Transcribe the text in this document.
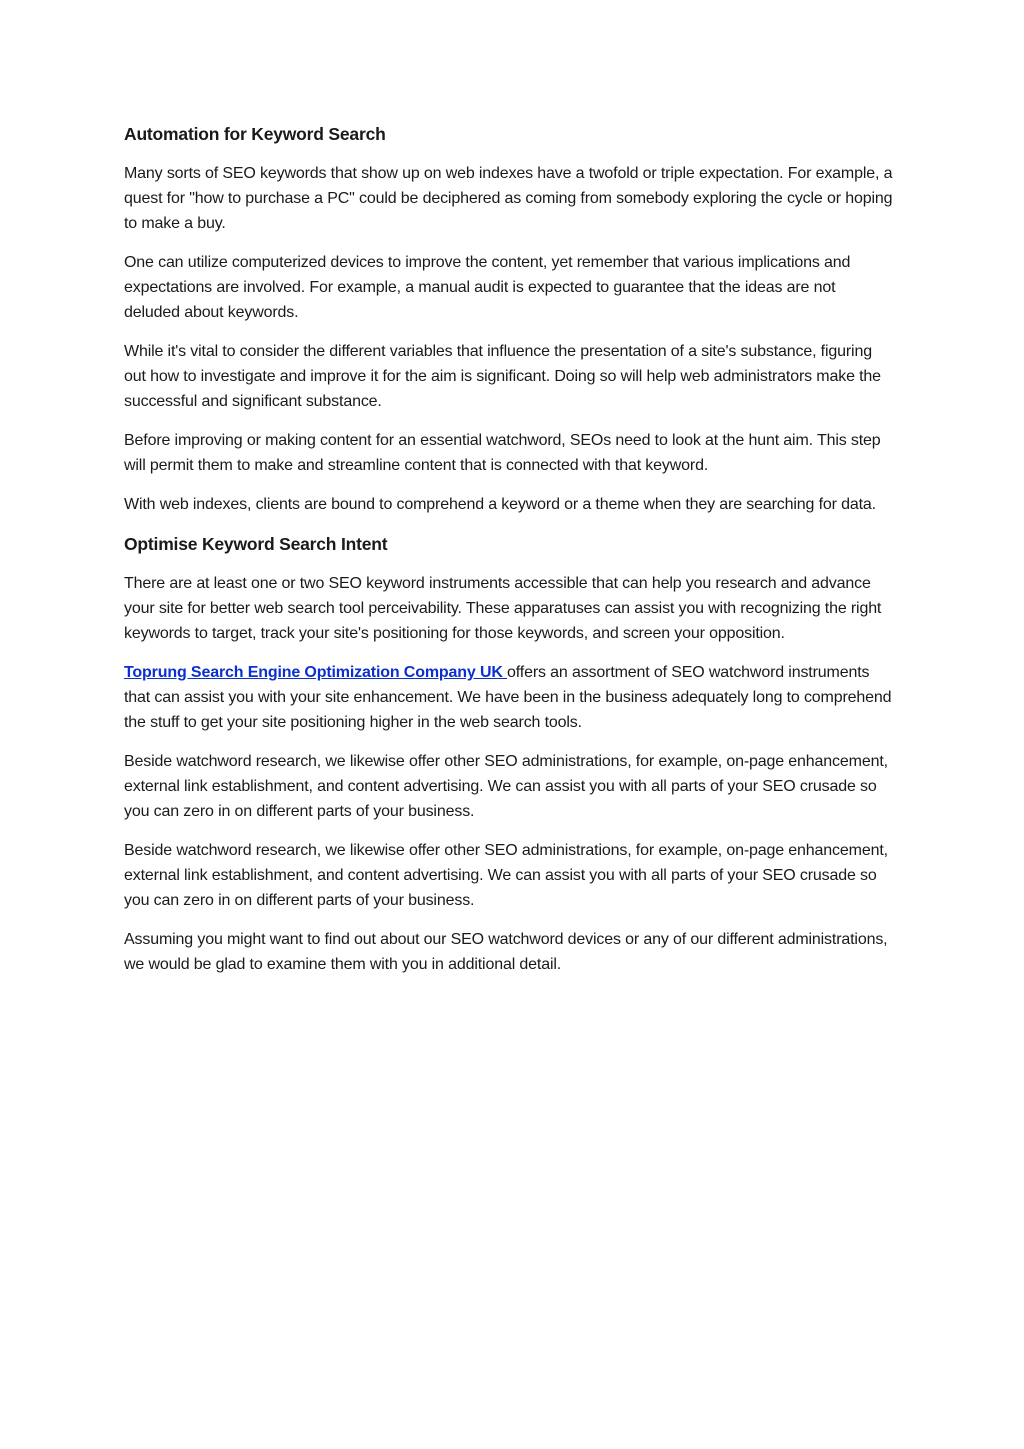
Automation for Keyword Search

Many sorts of SEO keywords that show up on web indexes have a twofold or triple expectation. For example, a quest for "how to purchase a PC" could be deciphered as coming from somebody exploring the cycle or hoping to make a buy.

One can utilize computerized devices to improve the content, yet remember that various implications and expectations are involved. For example, a manual audit is expected to guarantee that the ideas are not deluded about keywords.

While it's vital to consider the different variables that influence the presentation of a site's substance, figuring out how to investigate and improve it for the aim is significant. Doing so will help web administrators make the successful and significant substance.

Before improving or making content for an essential watchword, SEOs need to look at the hunt aim. This step will permit them to make and streamline content that is connected with that keyword.

With web indexes, clients are bound to comprehend a keyword or a theme when they are searching for data.

Optimise Keyword Search Intent

There are at least one or two SEO keyword instruments accessible that can help you research and advance your site for better web search tool perceivability. These apparatuses can assist you with recognizing the right keywords to target, track your site's positioning for those keywords, and screen your opposition.

Toprung Search Engine Optimization Company UK offers an assortment of SEO watchword instruments that can assist you with your site enhancement. We have been in the business adequately long to comprehend the stuff to get your site positioning higher in the web search tools.

Beside watchword research, we likewise offer other SEO administrations, for example, on-page enhancement, external link establishment, and content advertising. We can assist you with all parts of your SEO crusade so you can zero in on different parts of your business.

Beside watchword research, we likewise offer other SEO administrations, for example, on-page enhancement, external link establishment, and content advertising. We can assist you with all parts of your SEO crusade so you can zero in on different parts of your business.

Assuming you might want to find out about our SEO watchword devices or any of our different administrations, we would be glad to examine them with you in additional detail.
